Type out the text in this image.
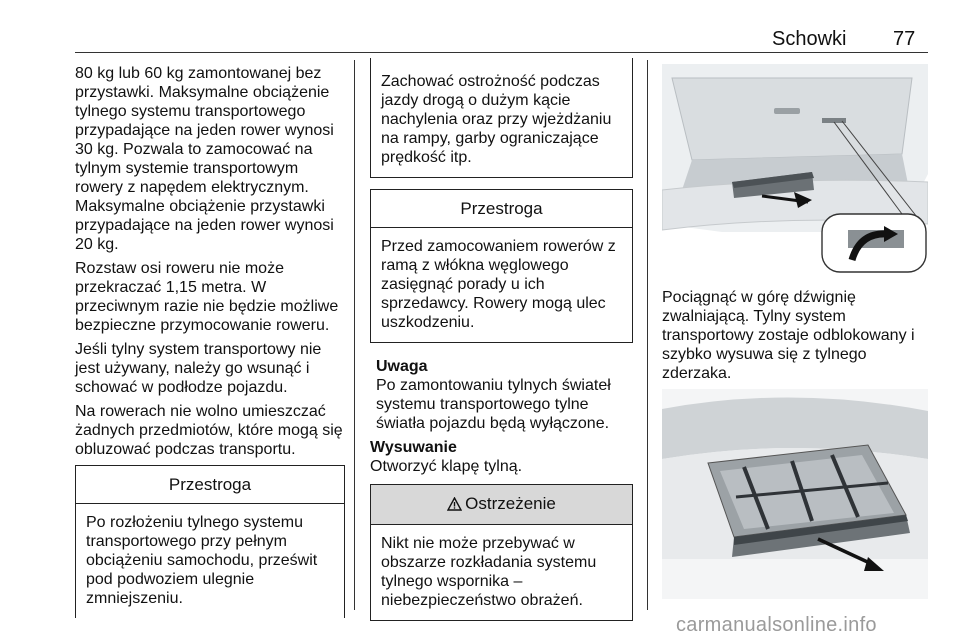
Schowki 77

80 kg lub 60 kg zamontowanej bez przystawki. Maksymalne obciążenie tylnego systemu transportowego przypadające na jeden rower wynosi 30 kg. Pozwala to zamocować na tylnym systemie transportowym rowery z napędem elektrycznym. Maksymalne obciążenie przystawki przypadające na jeden rower wynosi 20 kg.

Rozstaw osi roweru nie może przekraczać 1,15 metra. W przeciwnym razie nie będzie możliwe bezpieczne przymocowanie roweru.

Jeśli tylny system transportowy nie jest używany, należy go wsunąć i schować w podłodze pojazdu.

Na rowerach nie wolno umieszczać żadnych przedmiotów, które mogą się obluzować podczas transportu.

Przestroga
Po rozłożeniu tylnego systemu transportowego przy pełnym obciążeniu samochodu, prześwit pod podwoziem ulegnie zmniejszeniu.
Zachować ostrożność podczas jazdy drogą o dużym kącie nachylenia oraz przy wjeżdżaniu na rampy, garby ograniczające prędkość itp.
Przestroga
Przed zamocowaniem rowerów z ramą z włókna węglowego zasięgnąć porady u ich sprzedawcy. Rowery mogą ulec uszkodzeniu.
Uwaga
Po zamontowaniu tylnych świateł systemu transportowego tylne światła pojazdu będą wyłączone.
Wysuwanie

Otworzyć klapę tylną.

Ostrzeżenie
Nikt nie może przebywać w obszarze rozkładania systemu tylnego wspornika – niebezpieczeństwo obrażeń.

Pociągnąć w górę dźwignię zwalniającą. Tylny system transportowy zostaje odblokowany i szybko wysuwa się z tylnego zderzaka.

carmanualsonline.info
